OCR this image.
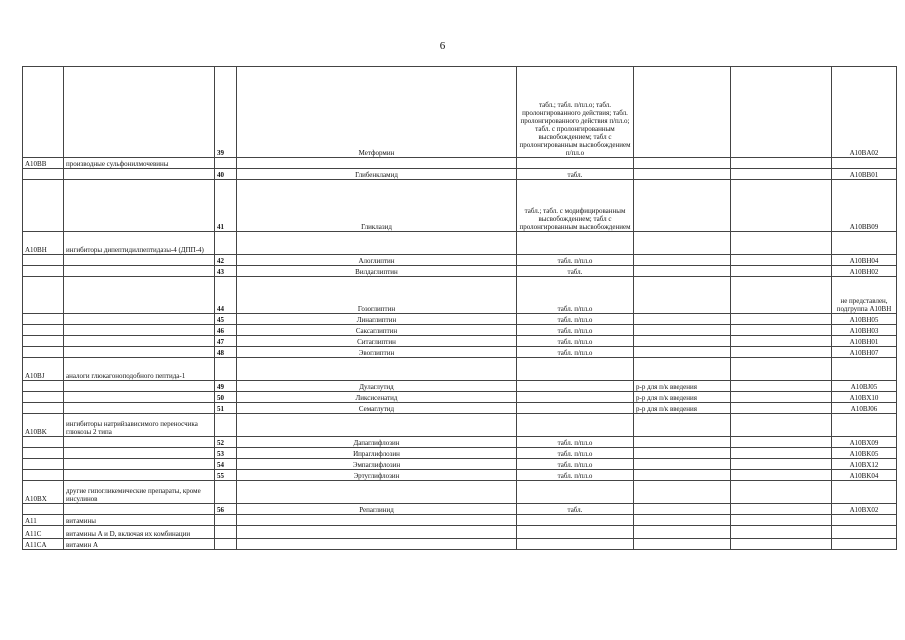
6
		39	Метформин	табл.; табл. п/пл.о; табл. пролонгированного действия; табл. пролонгированного действия п/пл.о; табл. с пролонгированным высвобождением; табл с пролонгированным высвобождением п/пл.о			A10BA02
A10BB	производные сульфонилмочевины						
		40	Глибенкламид	табл.			A10BB01
		41	Гликлазид	табл.; табл. с модифицированным высвобождением; табл с пролонгированным высвобождением			A10BB09
A10BH	ингибиторы дипептидилпептидазы-4 (ДПП-4)						
		42	Алоглиптин	табл. п/пл.о			A10BH04
		43	Вилдаглиптин	табл.			A10BH02
		44	Гозоглиптин	табл. п/пл.о			не представлен, подгруппа A10BH
		45	Линаглиптин	табл. п/пл.о			A10BH05
		46	Саксаглиптин	табл. п/пл.о			A10BH03
		47	Ситаглиптин	табл. п/пл.о			A10BH01
		48	Эвоглиптин	табл. п/пл.о			A10BH07
A10BJ	аналоги глюкагоноподобного пептида-1						
		49	Дулаглутид		р-р для п/к введения		A10BJ05
		50	Ликсисенатид		р-р для п/к введения		A10BX10
		51	Семаглутид		р-р для п/к введения		A10BJ06
A10BK	ингибиторы натрийзависимого переносчика глюкозы 2 типа						
		52	Дапаглифлозин	табл. п/пл.о			A10BX09
		53	Ипраглифлозин	табл. п/пл.о			A10BK05
		54	Эмпаглифлозин	табл. п/пл.о			A10BX12
		55	Эртуглифлозин	табл. п/пл.о			A10BK04
A10BX	другие гипогликемические препараты, кроме инсулинов						
		56	Репаглинид	табл.			A10BX02
A11	витамины						
A11C	витамины A и D, включая их комбинации						
A11CA	витамин A						
